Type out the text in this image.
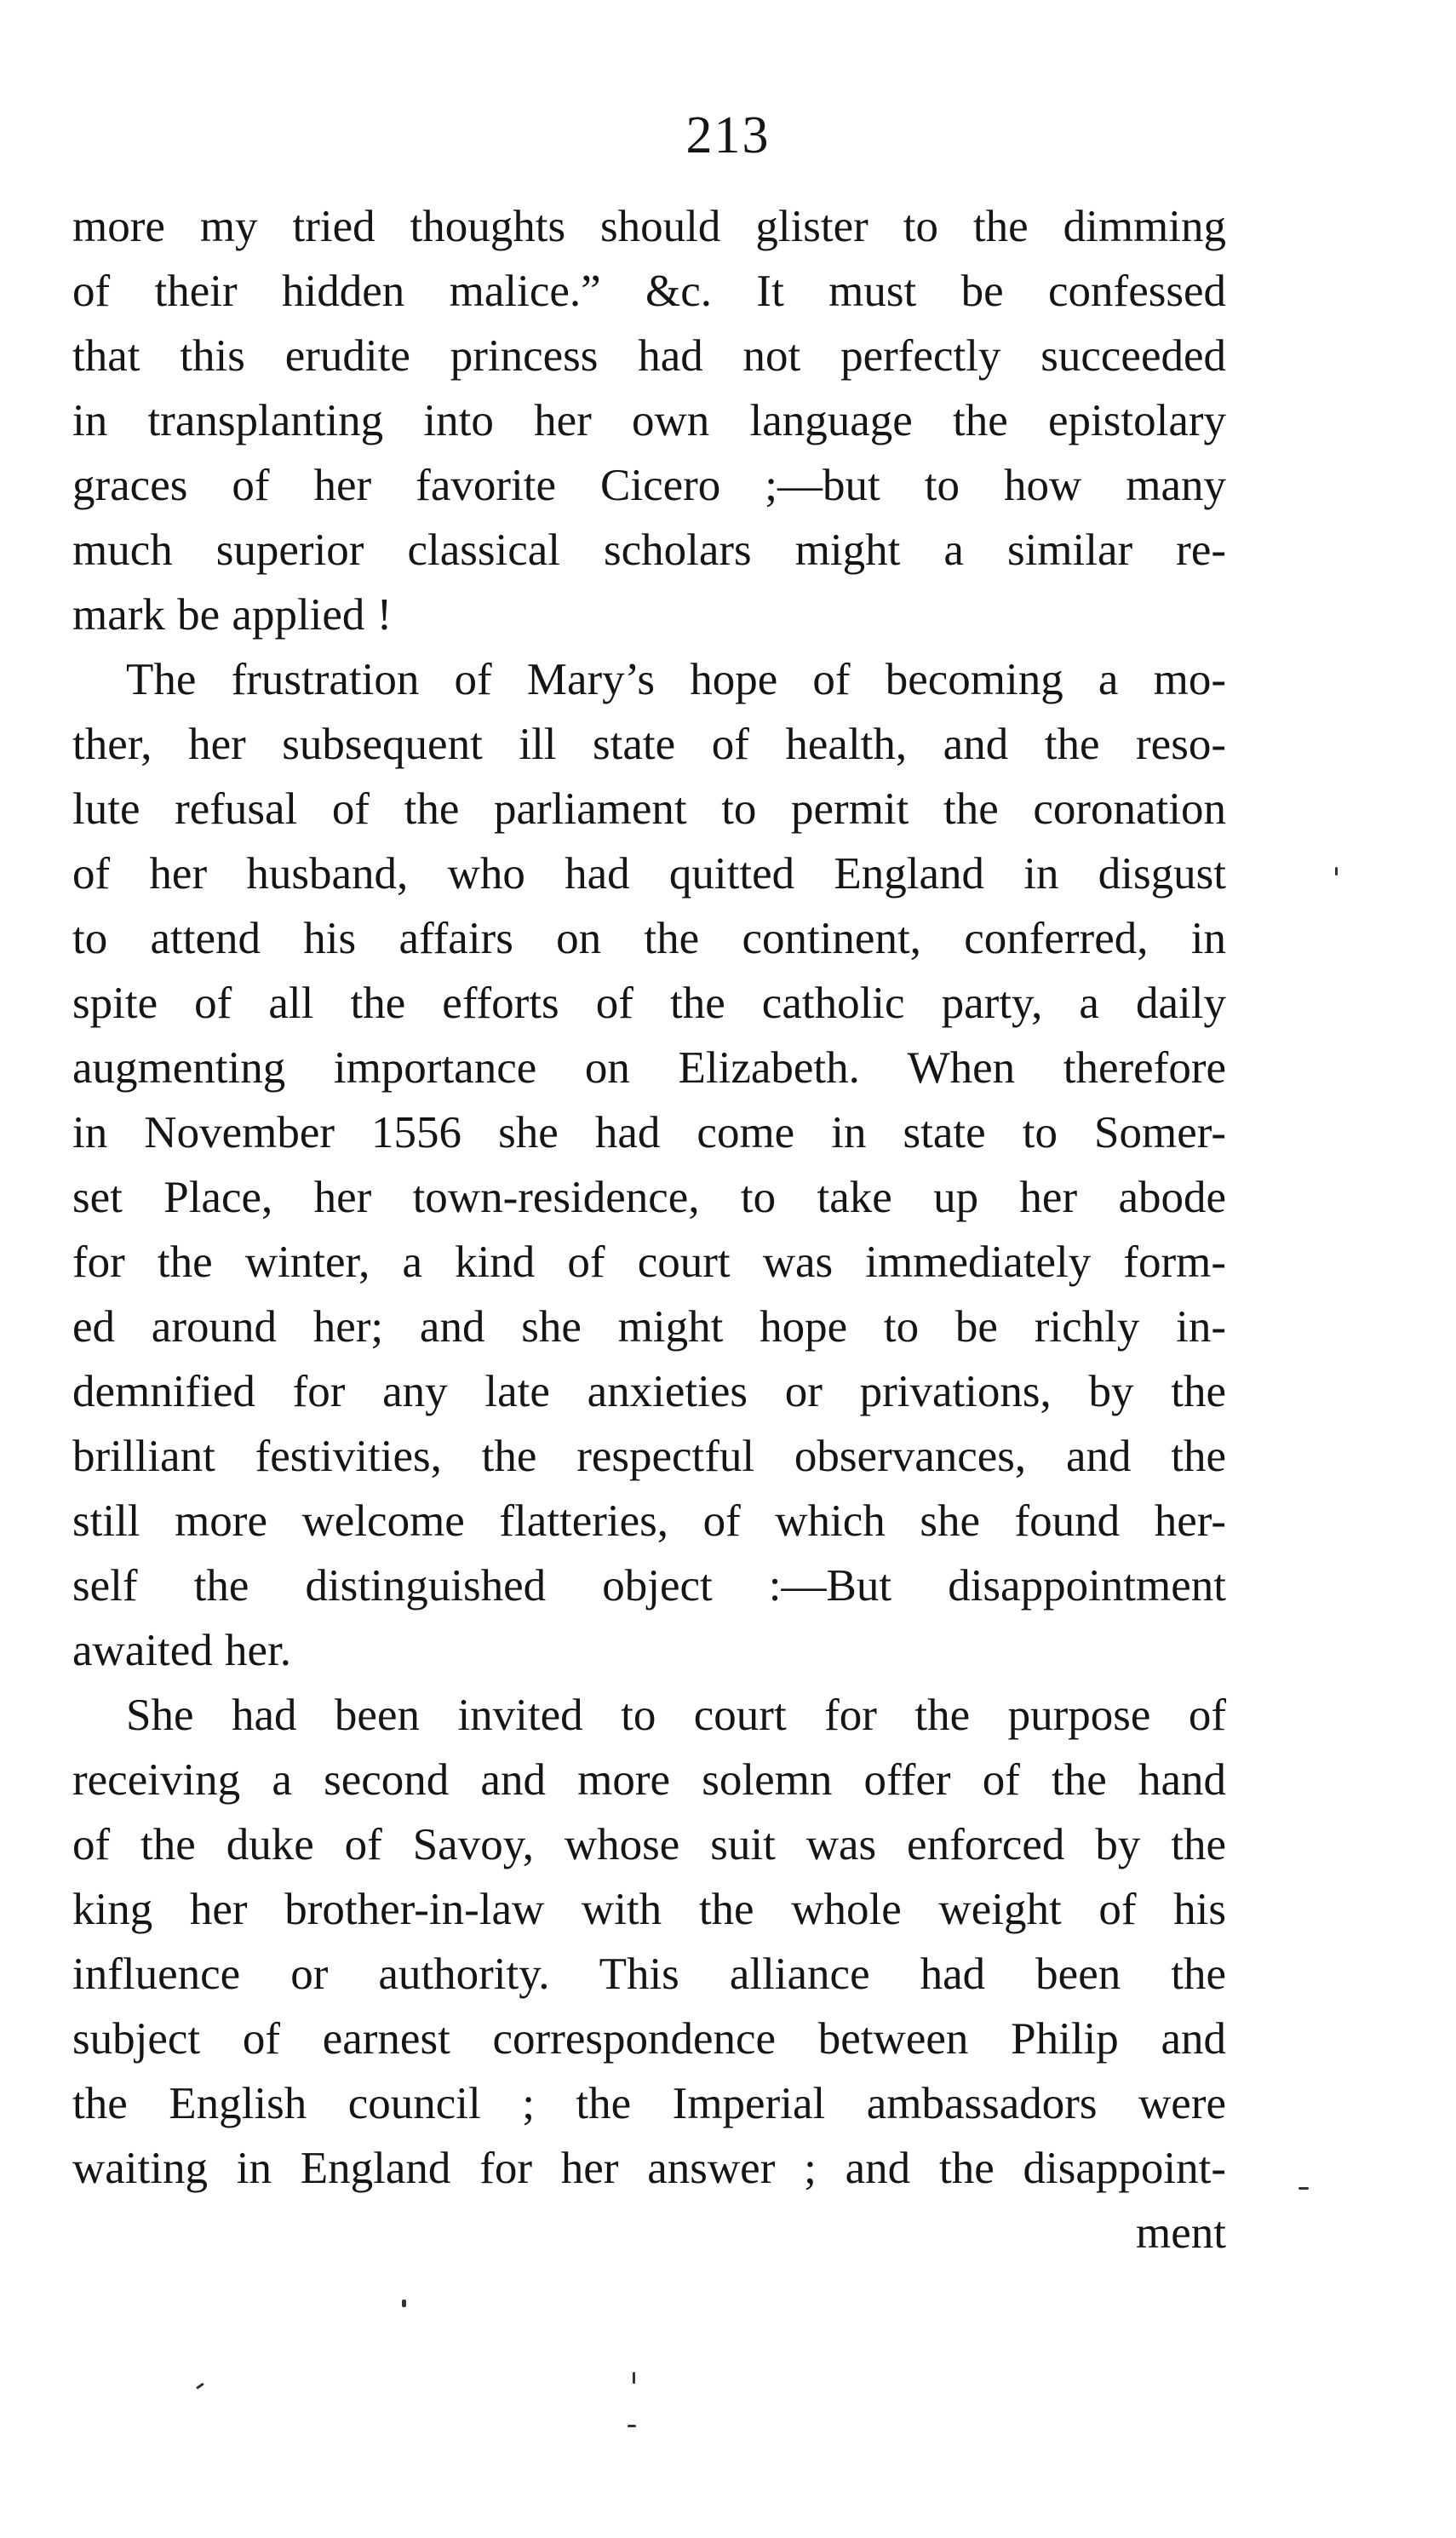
213
more my tried thoughts should glister to the dimming
of their hidden malice.” &c. It must be confessed
that this erudite princess had not perfectly succeeded
in transplanting into her own language the epistolary
graces of her favorite Cicero ;—but to how many
much superior classical scholars might a similar re-
mark be applied !
The frustration of Mary’s hope of becoming a mo-
ther, her subsequent ill state of health, and the reso-
lute refusal of the parliament to permit the coronation
of her husband, who had quitted England in disgust
to attend his affairs on the continent, conferred, in
spite of all the efforts of the catholic party, a daily
augmenting importance on Elizabeth. When therefore
in November 1556 she had come in state to Somer-
set Place, her town-residence, to take up her abode
for the winter, a kind of court was immediately form-
ed around her; and she might hope to be richly in-
demnified for any late anxieties or privations, by the
brilliant festivities, the respectful observances, and the
still more welcome flatteries, of which she found her-
self the distinguished object :—But disappointment
awaited her.
She had been invited to court for the purpose of
receiving a second and more solemn offer of the hand
of the duke of Savoy, whose suit was enforced by the
king her brother-in-law with the whole weight of his
influence or authority. This alliance had been the
subject of earnest correspondence between Philip and
the English council ; the Imperial ambassadors were
waiting in England for her answer ; and the disappoint-
ment
